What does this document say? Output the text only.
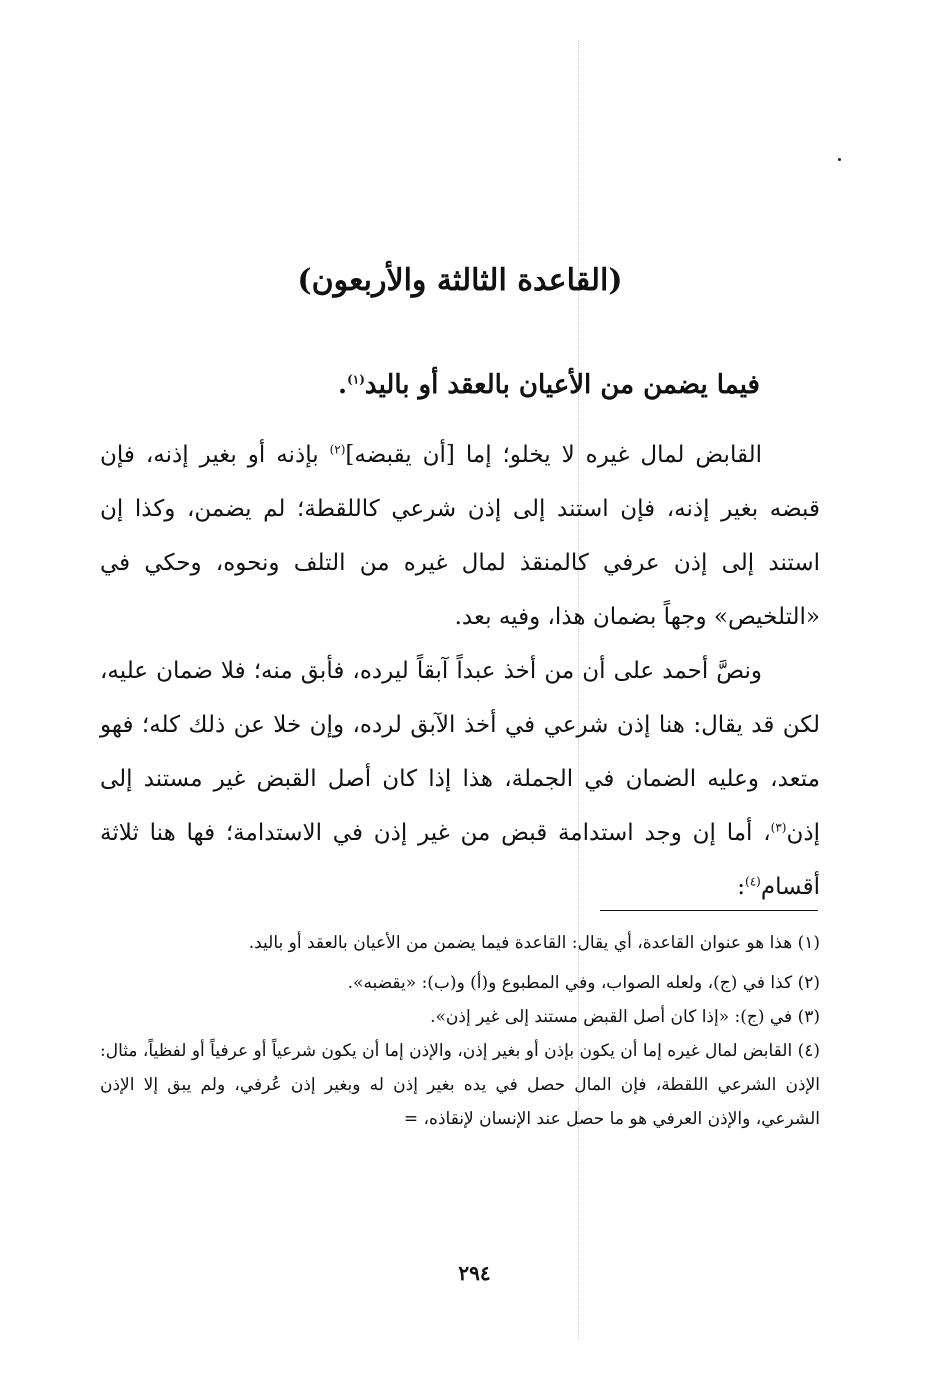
(القاعدة الثالثة والأربعون)
فيما يضمن من الأعيان بالعقد أو باليد$^{(١)}$.

القابض لمال غيره لا يخلو؛ إما [أن يقبضه]$^{(٢)}$ بإذنه أو بغير إذنه، فإن قبضه بغير إذنه، فإن استند إلى إذن شرعي كاللقطة؛ لم يضمن، وكذا إن استند إلى إذن عرفي كالمنقذ لمال غيره من التلف ونحوه، وحكي في «التلخيص» وجهاً بضمان هذا، وفيه بعد.

ونصَّ أحمد على أن من أخذ عبداً آبقاً ليرده، فأبق منه؛ فلا ضمان عليه، لكن قد يقال: هنا إذن شرعي في أخذ الآبق لرده، وإن خلا عن ذلك كله؛ فهو متعد، وعليه الضمان في الجملة، هذا إذا كان أصل القبض غير مستند إلى إذن$^{(٣)}$، أما إن وجد استدامة قبض من غير إذن في الاستدامة؛ فها هنا ثلاثة أقسام$^{(٤)}$:

(١) هذا هو عنوان القاعدة، أي يقال: القاعدة فيما يضمن من الأعيان بالعقد أو باليد.

(٢) كذا في (ج)، ولعله الصواب، وفي المطبوع و(أ) و(ب): «يقضبه».

(٣) في (ج): «إذا كان أصل القبض مستند إلى غير إذن».

(٤) القابض لمال غيره إما أن يكون بإذن أو بغير إذن، والإذن إما أن يكون شرعياً أو عرفياً أو لفظياً، مثال: الإذن الشرعي اللقطة، فإن المال حصل في يده بغير إذن له وبغير إذن عُرفي، ولم يبق إلا الإذن الشرعي، والإذن العرفي هو ما حصل عند الإنسان لإنقاذه، =

٢٩٤
